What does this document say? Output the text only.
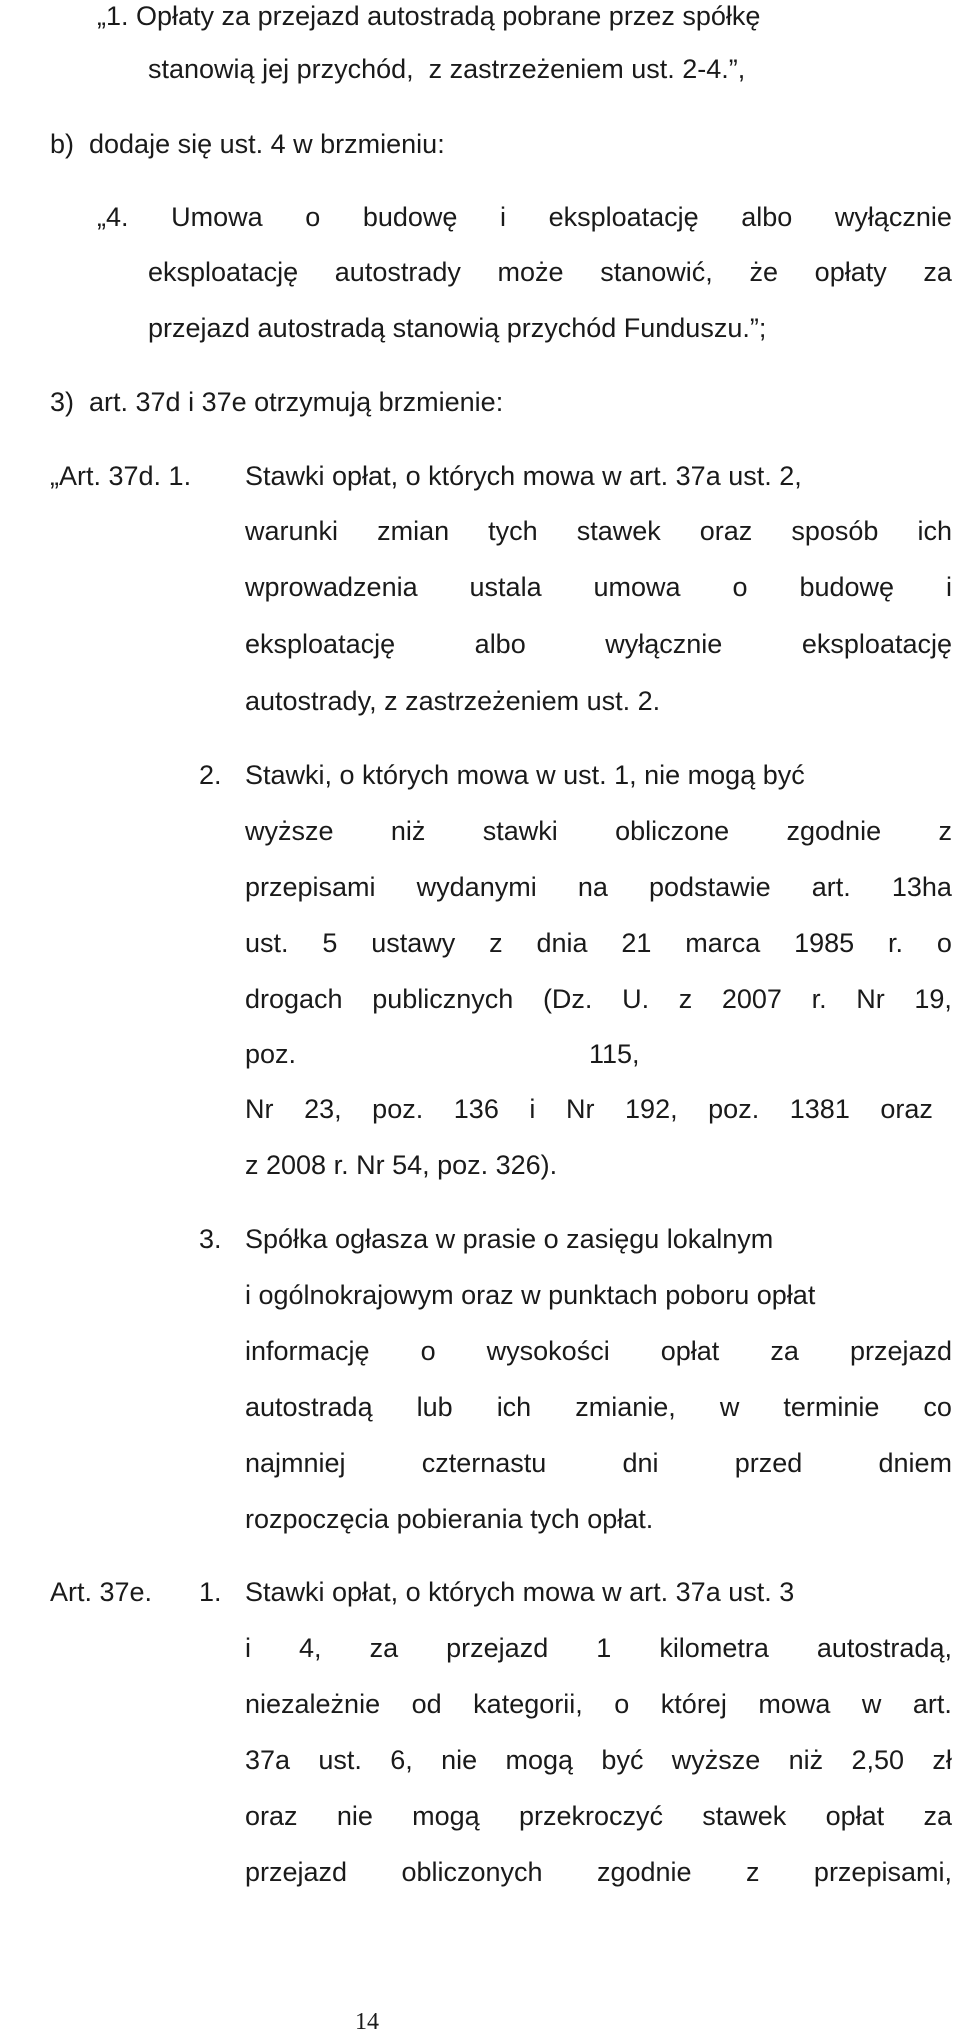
„1. Opłaty za przejazd autostradą pobrane przez spółkę
stanowią jej przychód,  z zastrzeżeniem ust. 2-4.”,
b)  dodaje się ust. 4 w brzmieniu:
„4. Umowa o budowę i eksploatację albo wyłącznie
eksploatację autostrady może stanowić, że opłaty za
przejazd autostradą stanowią przychód Funduszu.”;
3)  art. 37d i 37e otrzymują brzmienie:
„Art. 37d. 1. Stawki opłat, o których mowa w art. 37a ust. 2,
warunki zmian tych stawek oraz sposób ich
wprowadzenia ustala umowa o budowę i
eksploatację	albo	wyłącznie	eksploatację
autostrady, z zastrzeżeniem ust. 2.
2. Stawki, o których mowa w ust. 1, nie mogą być
wyższe niż stawki obliczone zgodnie z
przepisami wydanymi na podstawie art. 13ha
ust. 5 ustawy z dnia 21 marca 1985 r. o
drogach publicznych (Dz. U. z 2007 r. Nr 19,
poz.	115,
Nr 23, poz. 136 i Nr 192, poz. 1381 oraz
z 2008 r. Nr 54, poz. 326).
3. Spółka ogłasza w prasie o zasięgu lokalnym
i ogólnokrajowym oraz w punktach poboru opłat
informację o wysokości opłat za przejazd
autostradą lub ich zmianie, w terminie co
najmniej	czternastu	dni	przed	dniem
rozpoczęcia pobierania tych opłat.
Art. 37e. 1. Stawki opłat, o których mowa w art. 37a ust. 3
i 4, za przejazd 1 kilometra autostradą,
niezależnie od kategorii, o której mowa w art.
37a ust. 6, nie mogą być wyższe niż 2,50 zł
oraz nie mogą przekroczyć stawek opłat za
przejazd obliczonych zgodnie z przepisami,
14
